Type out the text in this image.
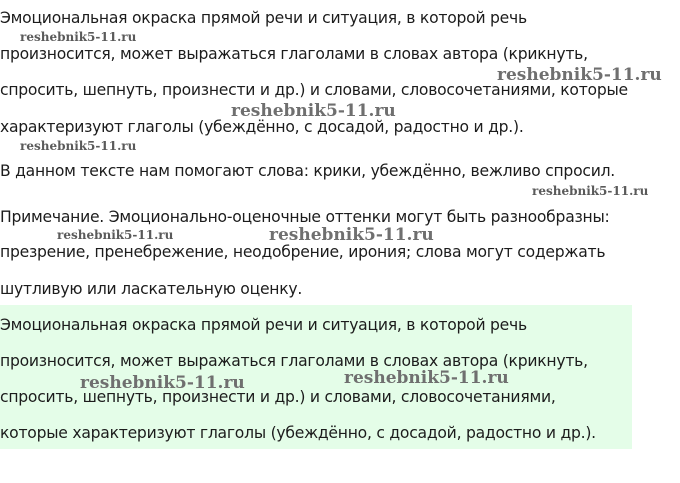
Эмоциональная окраска прямой речи и ситуация, в которой речь

произносится, может выражаться глаголами в словах автора (крикнуть,

спросить, шепнуть, произнести и др.) и словами, словосочетаниями, которые

характеризуют глаголы (убеждённо, с досадой, радостно и др.).

В данном тексте нам помогают слова: крики, убеждённо, вежливо спросил.

Примечание. Эмоционально-оценочные оттенки могут быть разнообразны:

презрение, пренебрежение, неодобрение, ирония; слова могут содержать

шутливую или ласкательную оценку.

Эмоциональная окраска прямой речи и ситуация, в которой речь

произносится, может выражаться глаголами в словах автора (крикнуть,

спросить, шепнуть, произнести и др.) и словами, словосочетаниями,

которые характеризуют глаголы (убеждённо, с досадой, радостно и др.).

reshebnik5-11.ru
reshebnik5-11.ru
reshebnik5-11.ru
reshebnik5-11.ru
reshebnik5-11.ru
reshebnik5-11.ru	reshebnik5-11.ru
reshebnik5-11.ru	reshebnik5-11.ru
